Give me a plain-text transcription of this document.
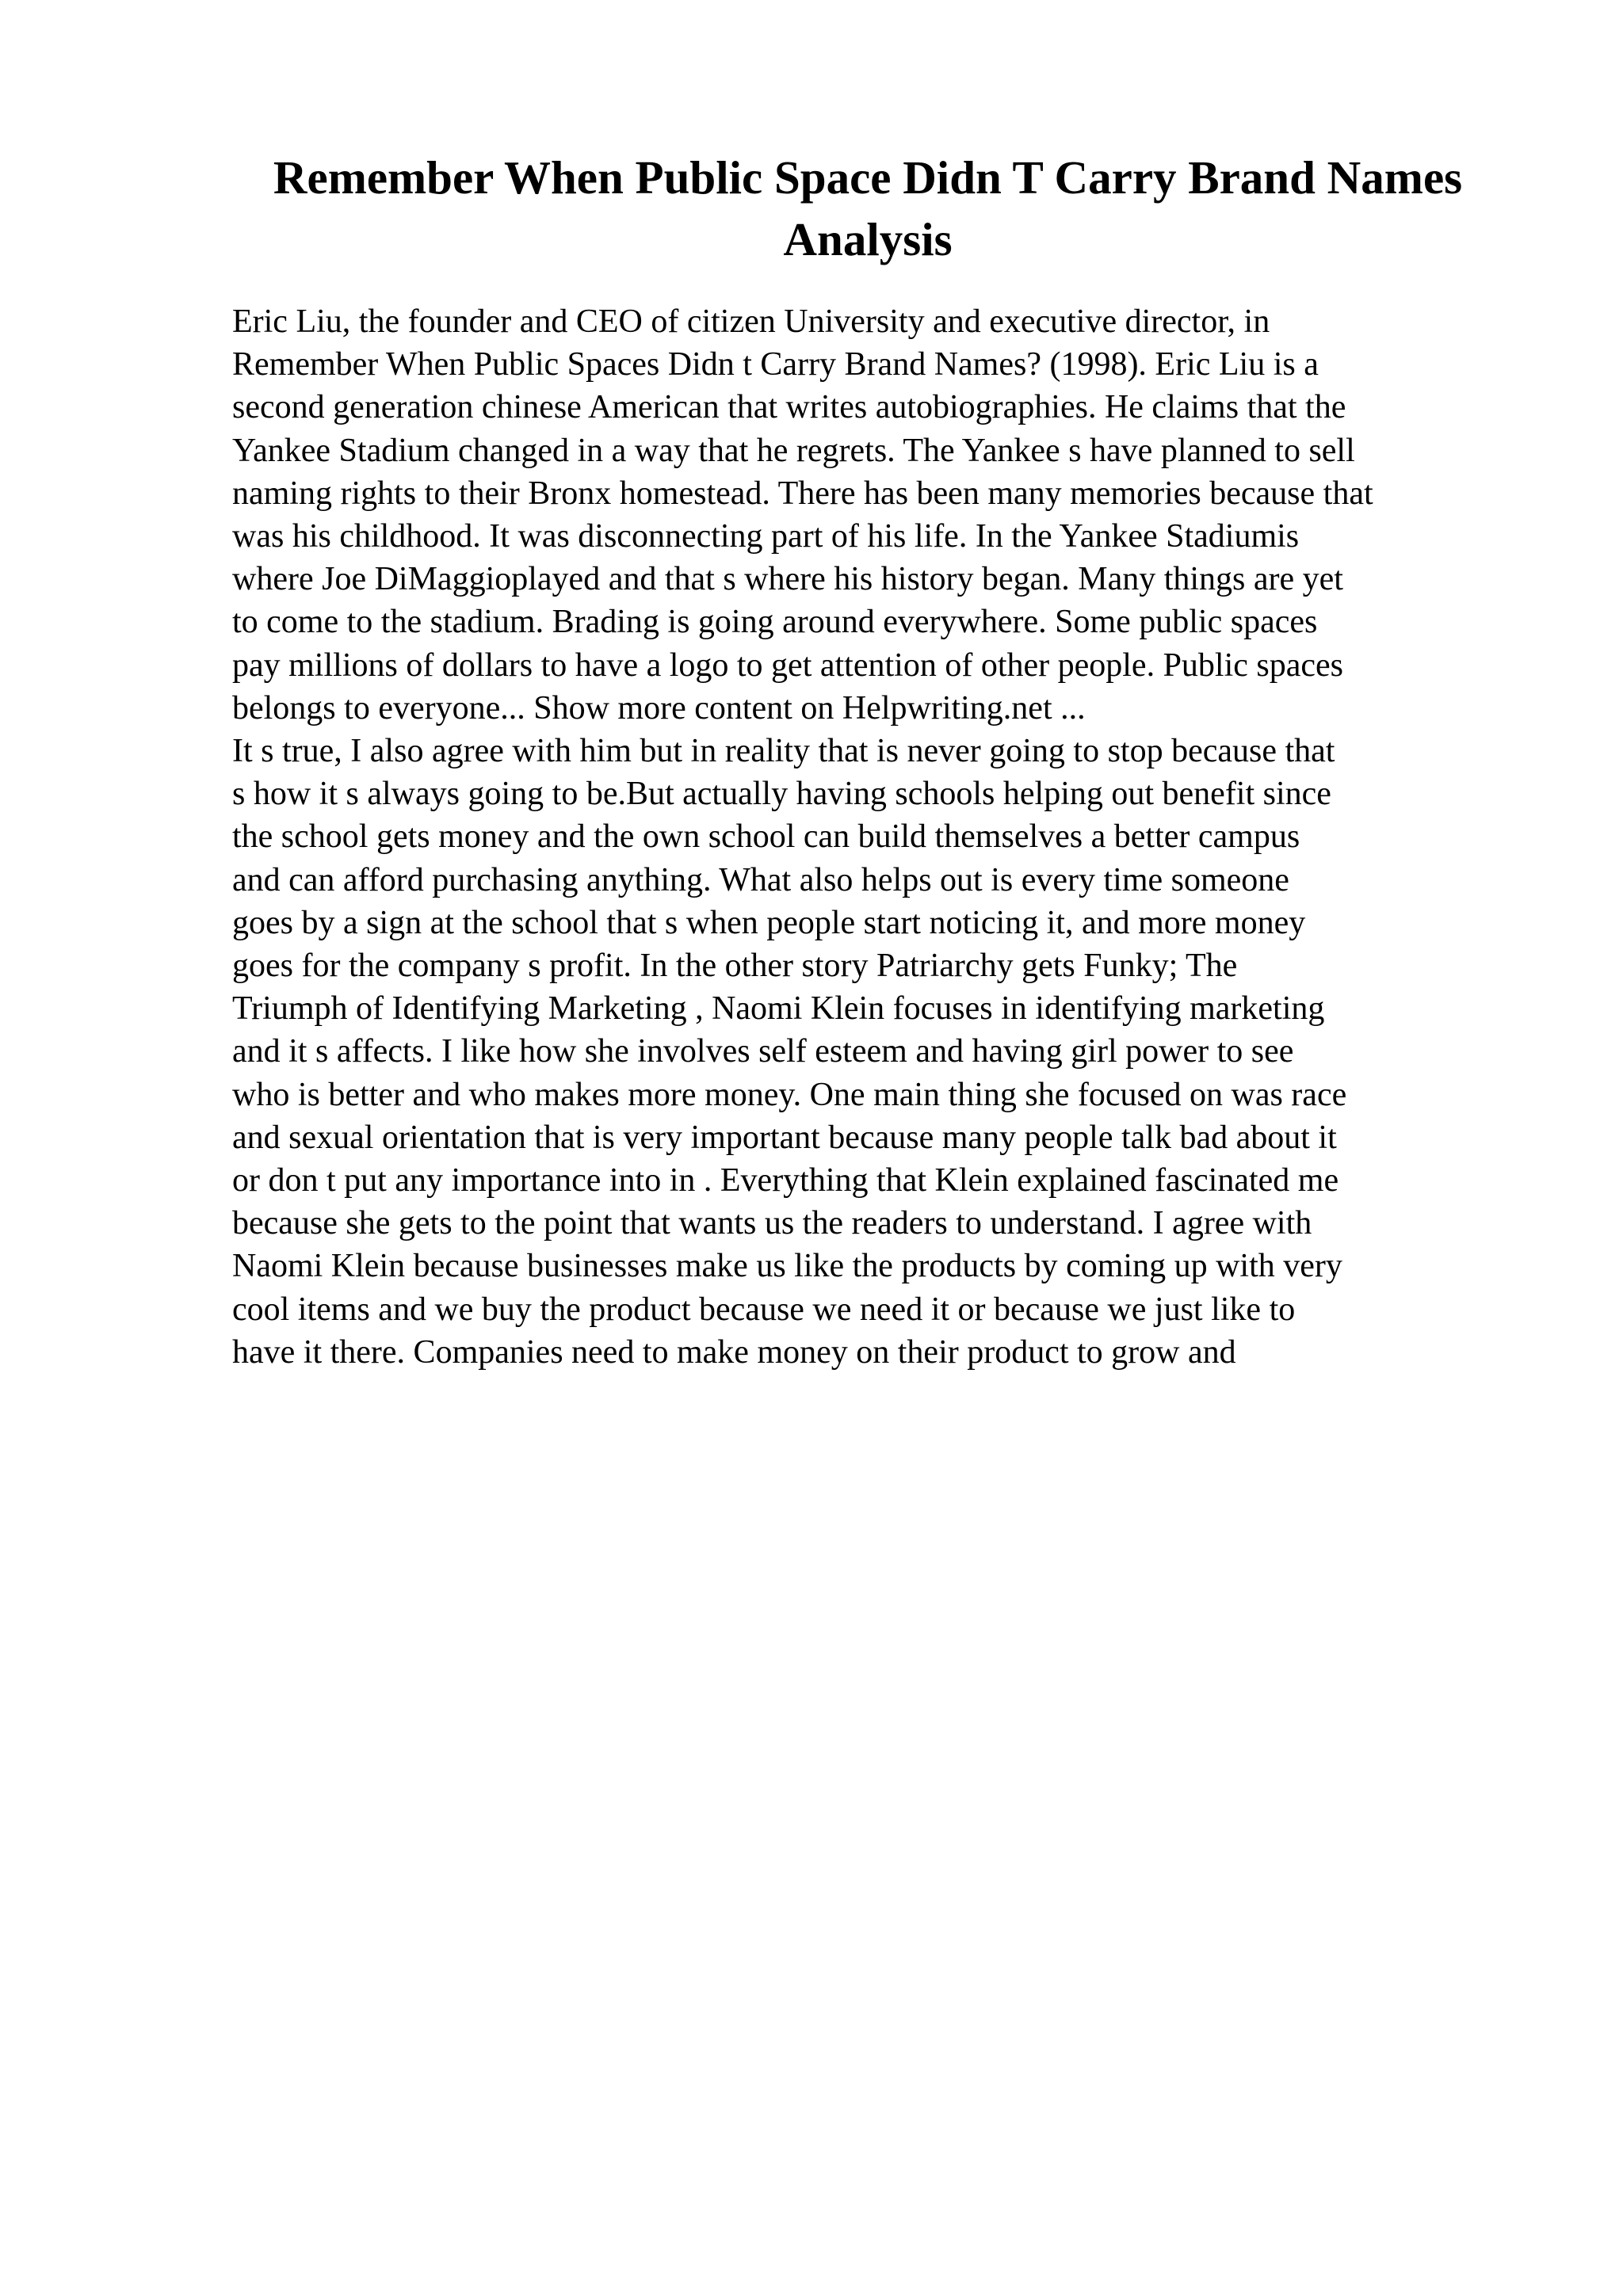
Remember When Public Space Didn T Carry Brand Names
Analysis
Eric Liu, the founder and CEO of citizen University and executive director, in
Remember When Public Spaces Didn t Carry Brand Names? (1998). Eric Liu is a
second generation chinese American that writes autobiographies. He claims that the
Yankee Stadium changed in a way that he regrets. The Yankee s have planned to sell
naming rights to their Bronx homestead. There has been many memories because that
was his childhood. It was disconnecting part of his life. In the Yankee Stadiumis
where Joe DiMaggioplayed and that s where his history began. Many things are yet
to come to the stadium. Brading is going around everywhere. Some public spaces
pay millions of dollars to have a logo to get attention of other people. Public spaces
belongs to everyone... Show more content on Helpwriting.net ...
It s true, I also agree with him but in reality that is never going to stop because that
s how it s always going to be.But actually having schools helping out benefit since
the school gets money and the own school can build themselves a better campus
and can afford purchasing anything. What also helps out is every time someone
goes by a sign at the school that s when people start noticing it, and more money
goes for the company s profit. In the other story Patriarchy gets Funky; The
Triumph of Identifying Marketing , Naomi Klein focuses in identifying marketing
and it s affects. I like how she involves self esteem and having girl power to see
who is better and who makes more money. One main thing she focused on was race
and sexual orientation that is very important because many people talk bad about it
or don t put any importance into in . Everything that Klein explained fascinated me
because she gets to the point that wants us the readers to understand. I agree with
Naomi Klein because businesses make us like the products by coming up with very
cool items and we buy the product because we need it or because we just like to
have it there. Companies need to make money on their product to grow and
